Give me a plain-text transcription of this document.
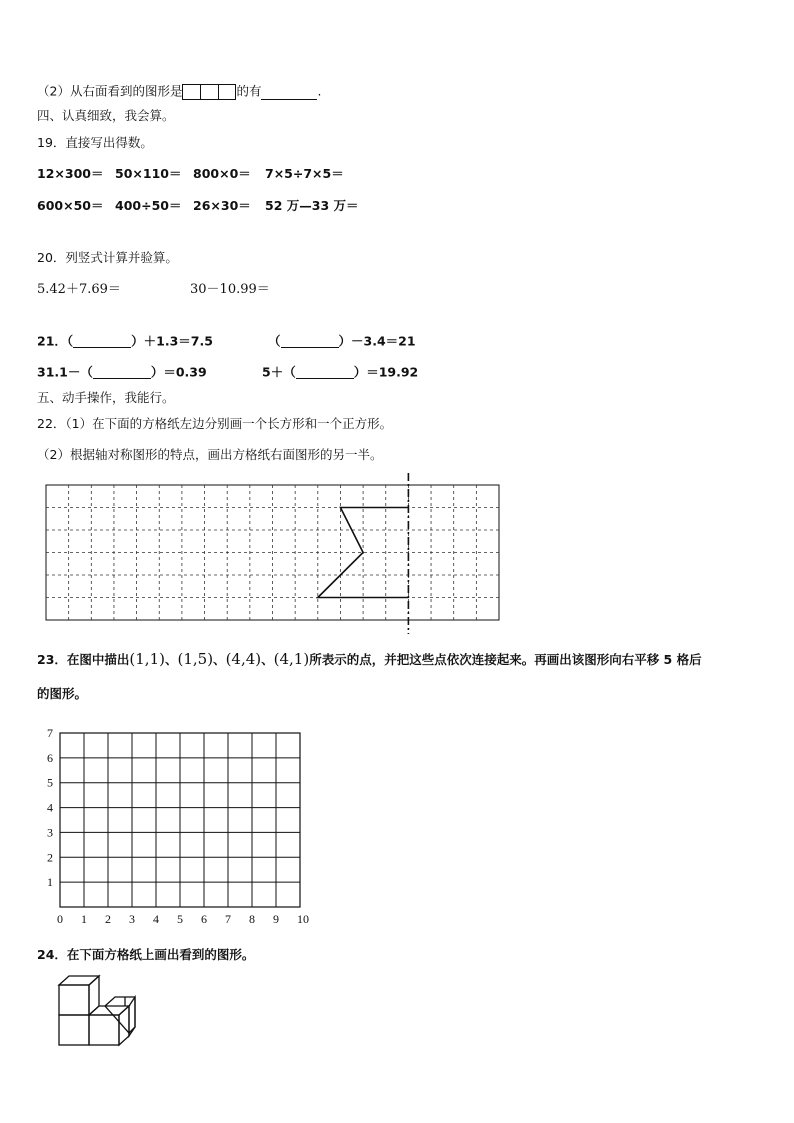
（2）从右面看到的图形是	的有	.
四、认真细致，我会算。
19．直接写出得数。
12×300＝ 50×110＝ 800×0＝ 7×5÷7×5＝
600×50＝ 400÷50＝ 26×30＝ 52 万—33 万＝
20．列竖式计算并验算。
5.42＋7.69＝	30－10.99＝
21．（	）＋1.3＝7.5	（	）－3.4＝21
31.1－（	）＝0.39	5＋（	）＝19.92
五、动手操作，我能行。
22．（1）在下面的方格纸左边分别画一个长方形和一个正方形。
（2）根据轴对称图形的特点，画出方格纸右面图形的另一半。
23．在图中描出(1,1)、(1,5)、(4,4)、(4,1)所表示的点，并把这些点依次连接起来。再画出该图形向右平移 5 格后
的图形。
7
6
5
4
3
2
1
0 1 2 3 4 5 6 7 8 9 10
24．在下面方格纸上画出看到的图形。
